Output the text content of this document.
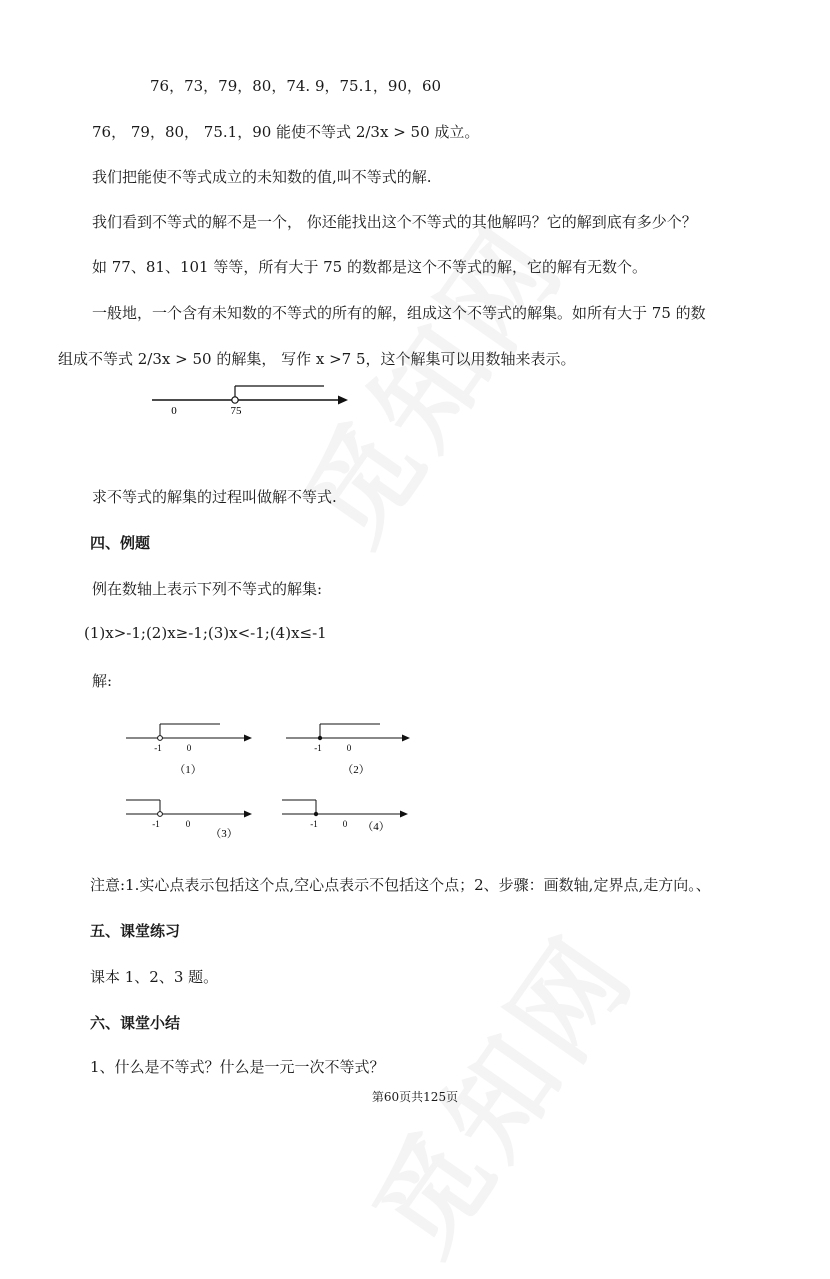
76，73，79，80，74. 9，75.1，90，60
76， 79，80， 75.1，90 能使不等式 2/3x > 50 成立。
我们把能使不等式成立的未知数的值,叫不等式的解.
我们看到不等式的解不是一个， 你还能找出这个不等式的其他解吗？它的解到底有多少个？
如 77、81、101 等等，所有大于 75 的数都是这个不等式的解，它的解有无数个。
一般地，一个含有未知数的不等式的所有的解，组成这个不等式的解集。如所有大于 75 的数
组成不等式 2/3x > 50 的解集， 写作 x >7 5，这个解集可以用数轴来表示。
0	75
求不等式的解集的过程叫做解不等式.
四、例题
例在数轴上表示下列不等式的解集:
(1)x>-1;(2)x≥-1;(3)x<-1;(4)x≤-1
解:
-1	0
（1）
-1	0
（2）
-1	0
（3）
-1	0 （4）
注意:1.实心点表示包括这个点,空心点表示不包括这个点；2、步骤：画数轴,定界点,走方向。、
五、课堂练习
课本 1、2、3 题。
六、课堂小结
1、什么是不等式？什么是一元一次不等式？
第60页共125页
